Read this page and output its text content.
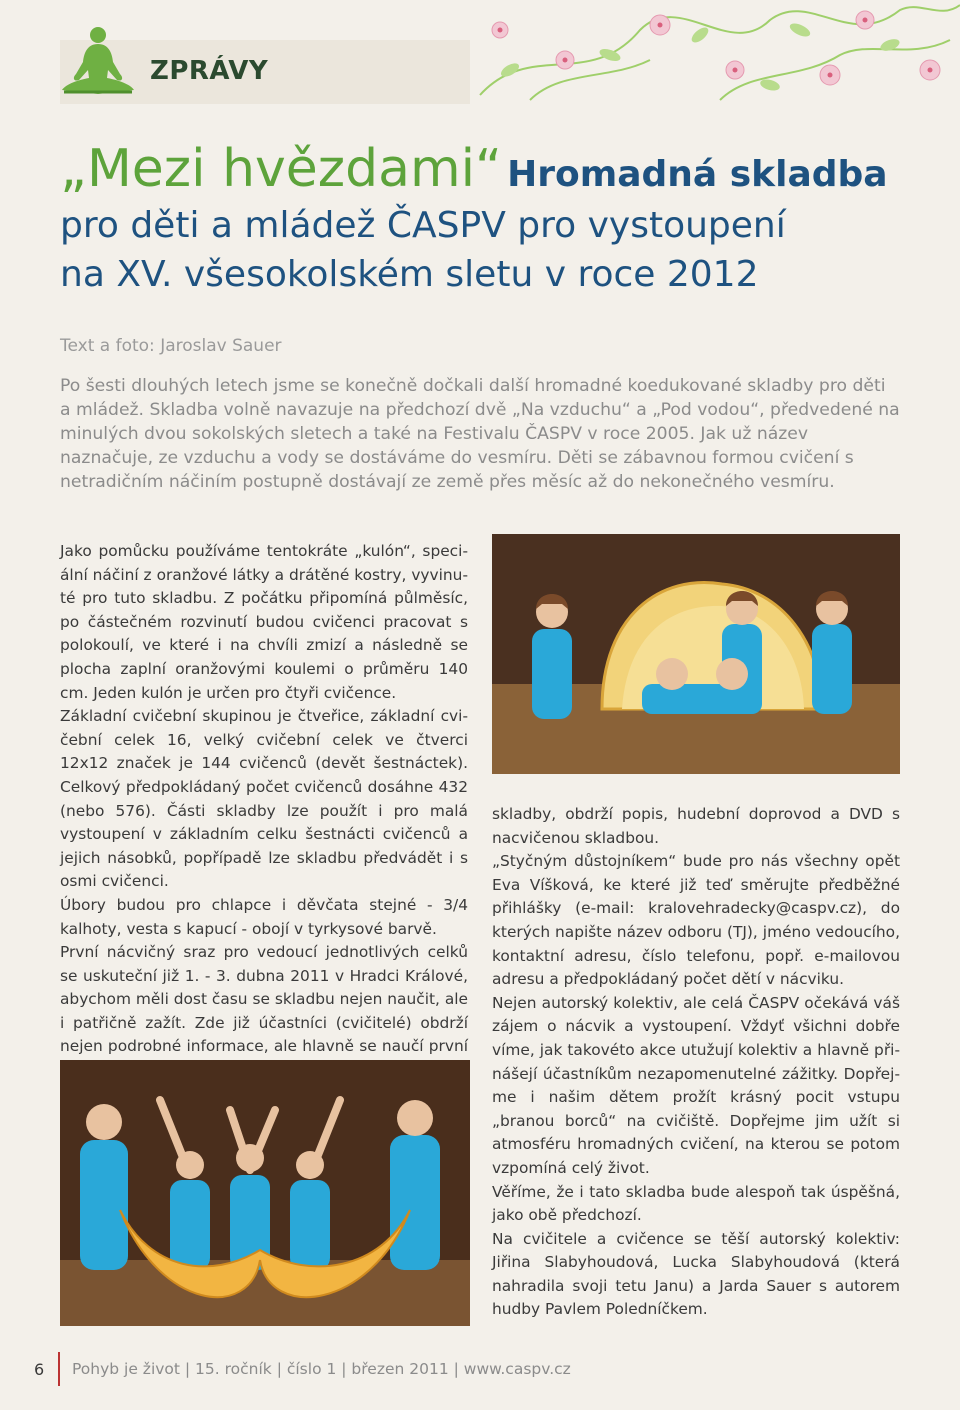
ZPRÁVY
„Mezi hvězdami“ Hromadná skladba
pro děti a mládež ČASPV pro vystoupení
na XV. všesokolském sletu v roce 2012
Text a foto: Jaroslav Sauer
Po šesti dlouhých letech jsme se konečně dočkali další hromadné koedukované skladby pro děti a mládež. Skladba volně navazuje na předchozí dvě „Na vzduchu“ a „Pod vodou“, předvedené na minulých dvou sokolských sletech a také na Festivalu ČASPV v roce 2005. Jak už název naznačuje, ze vzduchu a vody se dostáváme do vesmíru. Děti se zábavnou formou cvičení s netradičním náčiním postupně dostávají ze země přes měsíc až do nekonečného vesmíru.

Jako pomůcku používáme tentokráte „kulón“, speciální náčiní z oranžové látky a drátěné kostry, vyvinuté pro tuto skladbu. Z počátku připomíná půlměsíc, po částečném rozvinutí budou cvičenci pracovat s polokoulí, ve které i na chvíli zmizí a následně se plocha zaplní oranžovými koulemi o průměru 140 cm. Jeden kulón je určen pro čtyři cvičence.

Základní cvičební skupinou je čtveřice, základní cvičební celek 16, velký cvičební celek ve čtverci 12x12 značek je 144 cvičenců (devět šestnáctek). Celkový předpokládaný počet cvičenců dosáhne 432 (nebo 576). Části skladby lze použít i pro malá vystoupení v základním celku šestnácti cvičenců a jejich násobků, popřípadě lze skladbu předvádět i s osmi cvičenci.

Úbory budou pro chlapce i děvčata stejné - 3/4 kalhoty, vesta s kapucí - obojí v tyrkysové barvě.

První nácvičný sraz pro vedoucí jednotlivých celků se uskuteční již 1. - 3. dubna 2011 v Hradci Králové, abychom měli dost času se skladbu nejen naučit, ale i patřičně zažít. Zde již účastníci (cvičitelé) obdrží nejen podrobné informace, ale hlavně se naučí první

skladby, obdrží popis, hudební doprovod a DVD s nacvičenou skladbou.

„Styčným důstojníkem“ bude pro nás všechny opět Eva Víšková, ke které již teď směrujte předběžné přihlášky (e-mail: kralovehradecky@caspv.cz), do kterých napište název odboru (TJ), jméno vedoucího, kontaktní adresu, číslo telefonu, popř. e-mailovou adresu a předpokládaný počet dětí v nácviku.

Nejen autorský kolektiv, ale celá ČASPV očekává váš zájem o nácvik a vystoupení. Vždyť všichni dobře víme, jak takovéto akce utužují kolektiv a hlavně přinášejí účastníkům nezapomenutelné zážitky. Dopřejme i našim dětem prožít krásný pocit vstupu „branou borců“ na cvičiště. Dopřejme jim užít si atmosféru hromadných cvičení, na kterou se potom vzpomíná celý život.

Věříme, že i tato skladba bude alespoň tak úspěšná, jako obě předchozí.

Na cvičitele a cvičence se těší autorský kolektiv: Jiřina Slabyhoudová, Lucka Slabyhoudová (která nahradila svoji tetu Janu) a Jarda Sauer s autorem hudby Pavlem Poledníčkem.

6 Pohyb je život | 15. ročník | číslo 1 | březen 2011 | www.caspv.cz
